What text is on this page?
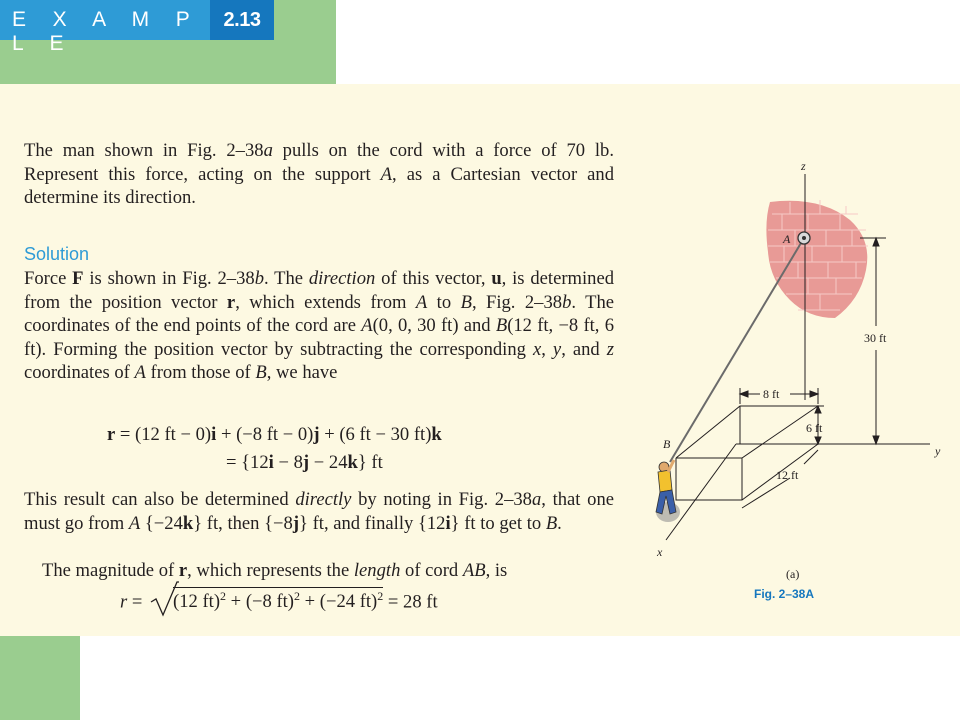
E X A M P L E
2.13

The man shown in Fig. 2–38a pulls on the cord with a force of 70 lb. Represent this force, acting on the support A, as a Cartesian vector and determine its direction.

Solution

Force F is shown in Fig. 2–38b. The direction of this vector, u, is determined from the position vector r, which extends from A to B, Fig. 2–38b. The coordinates of the end points of the cord are A(0, 0, 30 ft) and B(12 ft, −8 ft, 6 ft). Forming the position vector by subtracting the corresponding x, y, and z coordinates of A from those of B, we have

r = (12 ft − 0)i + (−8 ft − 0)j + (6 ft − 30 ft)k
= {12i − 8j − 24k} ft

This result can also be determined directly by noting in Fig. 2–38a, that one must go from A {−24k} ft, then {−8j} ft, and finally {12i} ft to get to B.

The magnitude of r, which represents the length of cord AB, is
r = (12 ft)$^2$ + (−8 ft)$^2$ + (−24 ft)$^2$ = 28 ft
z
y
x
A
B
30 ft
8 ft
6 ft
12 ft
(a)
Fig. 2–38A
